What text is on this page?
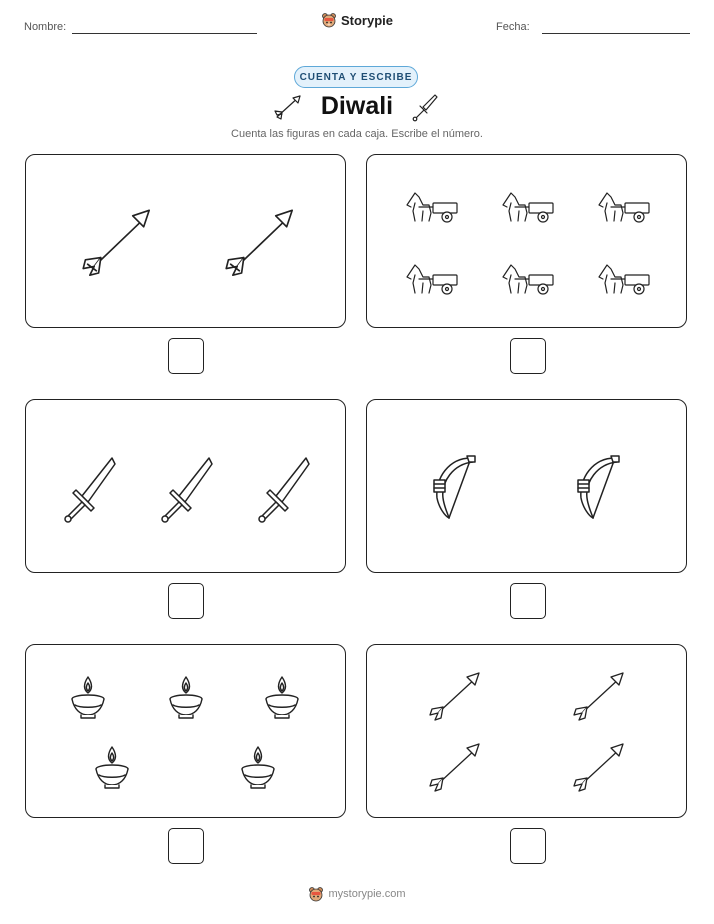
Nombre:	Storypie	Fecha:
CUENTA Y ESCRIBE
Diwali
Cuenta las figuras en cada caja. Escribe el número.
mystorypie.com
